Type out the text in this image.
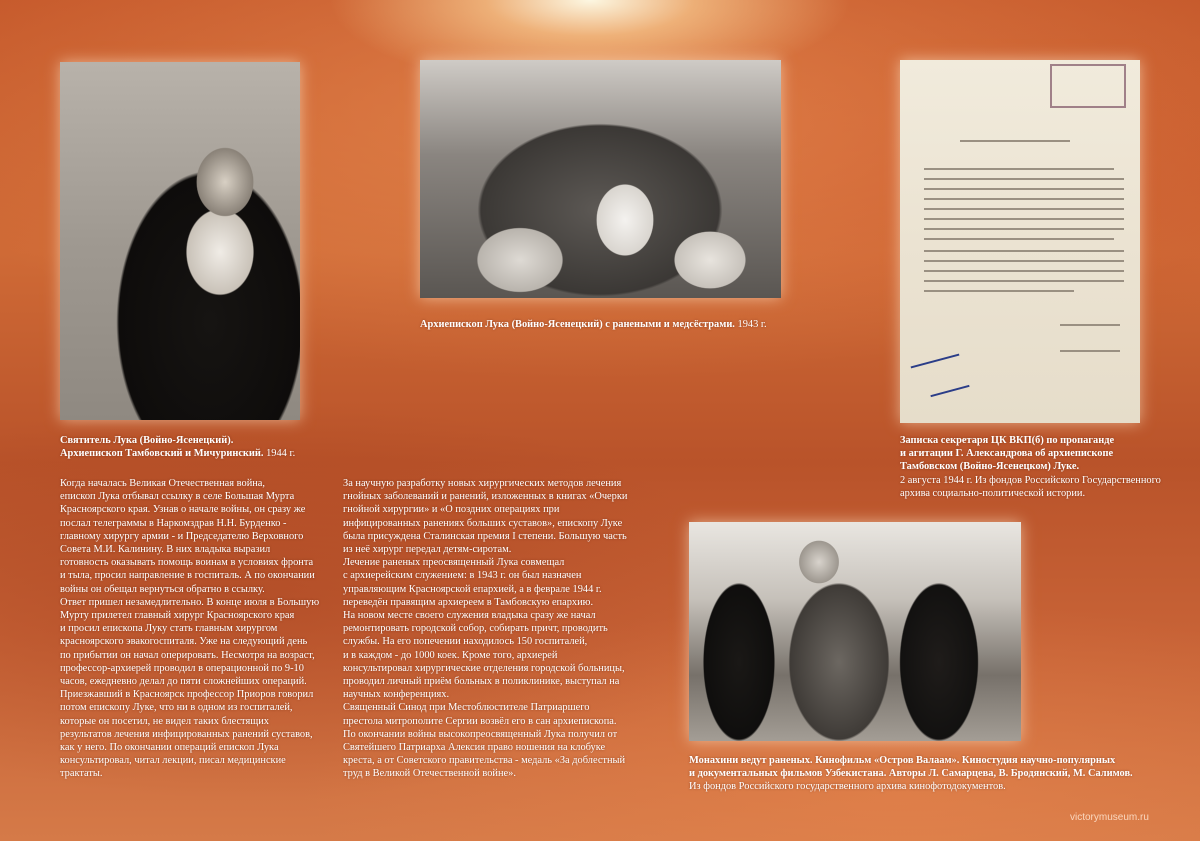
Святитель Лука (Войно-Ясенецкий).
Архиепископ Тамбовский и Мичуринский. 1944 г.
Архиепископ Лука (Войно-Ясенецкий) с ранеными и медсёстрами. 1943 г.
Записка секретаря ЦК ВКП(б) по пропаганде
и агитации Г. Александрова об архиепископе
Тамбовском (Войно-Ясенецком) Луке.
2 августа 1944 г. Из фондов Российского Государственного
архива социально-политической истории.
Монахини ведут раненых. Кинофильм «Остров Валаам». Киностудия научно-популярных
и документальных фильмов Узбекистана. Авторы Л. Самарцева, В. Бродянский, М. Салимов.
Из фондов Российского государственного архива кинофотодокументов.

Когда началась Великая Отечественная война,

епископ Лука отбывал ссылку в селе Большая Мурта

Красноярского края. Узнав о начале войны, он сразу же

послал телеграммы в Наркомздрав Н.Н. Бурденко -

главному хирургу армии - и Председателю Верховного

Совета М.И. Калинину. В них владыка выразил

готовность оказывать помощь воинам в условиях фронта

и тыла, просил направление в госпиталь. А по окончании

войны он обещал вернуться обратно в ссылку.

Ответ пришел незамедлительно. В конце июля в Большую

Мурту прилетел главный хирург Красноярского края

и просил епископа Луку стать главным хирургом

красноярского эвакогоспиталя. Уже на следующий день

по прибытии он начал оперировать. Несмотря на возраст,

профессор-архиерей проводил в операционной по 9-10

часов, ежедневно делал до пяти сложнейших операций.

Приезжавший в Красноярск профессор Приоров говорил

потом епископу Луке, что ни в одном из госпиталей,

которые он посетил, не видел таких блестящих

результатов лечения инфицированных ранений суставов,

как у него. По окончании операций епископ Лука

консультировал, читал лекции, писал медицинские

трактаты.

За научную разработку новых хирургических методов лечения

гнойных заболеваний и ранений, изложенных в книгах «Очерки

гнойной хирургии» и «О поздних операциях при

инфицированных ранениях больших суставов», епископу Луке

была присуждена Сталинская премия I степени. Большую часть

из неё хирург передал детям-сиротам.

Лечение раненых преосвященный Лука совмещал

с архиерейским служением: в 1943 г. он был назначен

управляющим Красноярской епархией, а в феврале 1944 г.

переведён правящим архиереем в Тамбовскую епархию.

На новом месте своего служения владыка сразу же начал

ремонтировать городской собор, собирать причт, проводить

службы. На его попечении находилось 150 госпиталей,

и в каждом - до 1000 коек. Кроме того, архиерей

консультировал хирургические отделения городской больницы,

проводил личный приём больных в поликлинике, выступал на

научных конференциях.

Священный Синод при Местоблюстителе Патриаршего

престола митрополите Сергии возвёл его в сан архиепископа.

По окончании войны высокопреосвященный Лука получил от

Святейшего Патриарха Алексия право ношения на клобуке

креста, а от Советского правительства - медаль «За доблестный

труд в Великой Отечественной войне».

victorymuseum.ru
